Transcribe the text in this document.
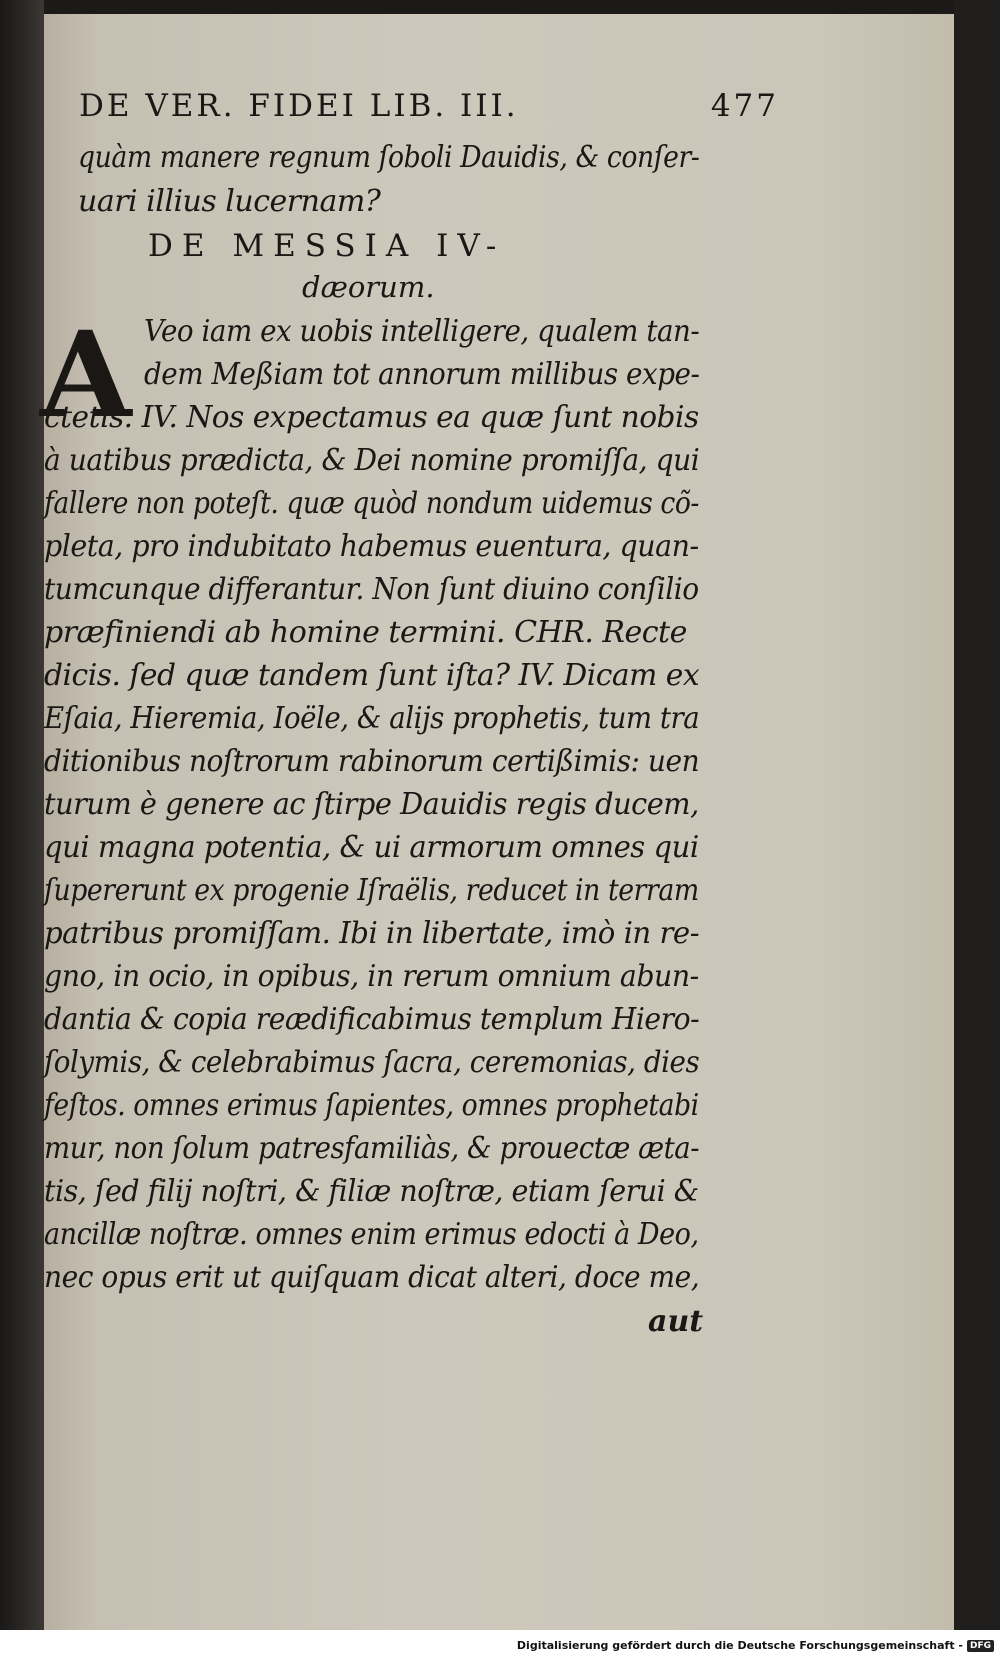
DE VER. FIDEI LIB. III.	477
quàm manere regnum ſoboli Dauidis, & conſer-
uari illius lucernam?
DE MESSIA IV-
dæorum.
A Veo iam ex uobis intelligere, qualem tan-
dem Meßiam tot annorum millibus expe-
ctetis. IV. Nos expectamus ea quæ ſunt nobis
à uatibus prædicta, & Dei nomine promiſſa, qui
fallere non poteſt. quæ quòd nondum uidemus cõ-
pleta, pro indubitato habemus euentura, quan-
tumcunque differantur. Non ſunt diuino conſilio
præfiniendi ab homine termini. CHR. Recte
dicis. ſed quæ tandem ſunt iſta? IV. Dicam ex
Eſaia, Hieremia, Ioële, & alijs prophetis, tum tra
ditionibus noſtrorum rabinorum certißimis: uen
turum è genere ac ſtirpe Dauidis regis ducem,
qui magna potentia, & ui armorum omnes qui
ſupererunt ex progenie Iſraëlis, reducet in terram
patribus promiſſam. Ibi in libertate, imò in re-
gno, in ocio, in opibus, in rerum omnium abun-
dantia & copia reædificabimus templum Hiero-
ſolymis, & celebrabimus ſacra, ceremonias, dies
feſtos. omnes erimus ſapientes, omnes prophetabi
mur, non ſolum patresfamiliàs, & prouectæ æta-
tis, ſed filij noſtri, & filiæ noſtræ, etiam ſerui &
ancillæ noſtræ. omnes enim erimus edocti à Deo,
nec opus erit ut quiſquam dicat alteri, doce me,
aut
Digitalisierung gefördert durch die Deutsche Forschungsgemeinschaft - DFG
